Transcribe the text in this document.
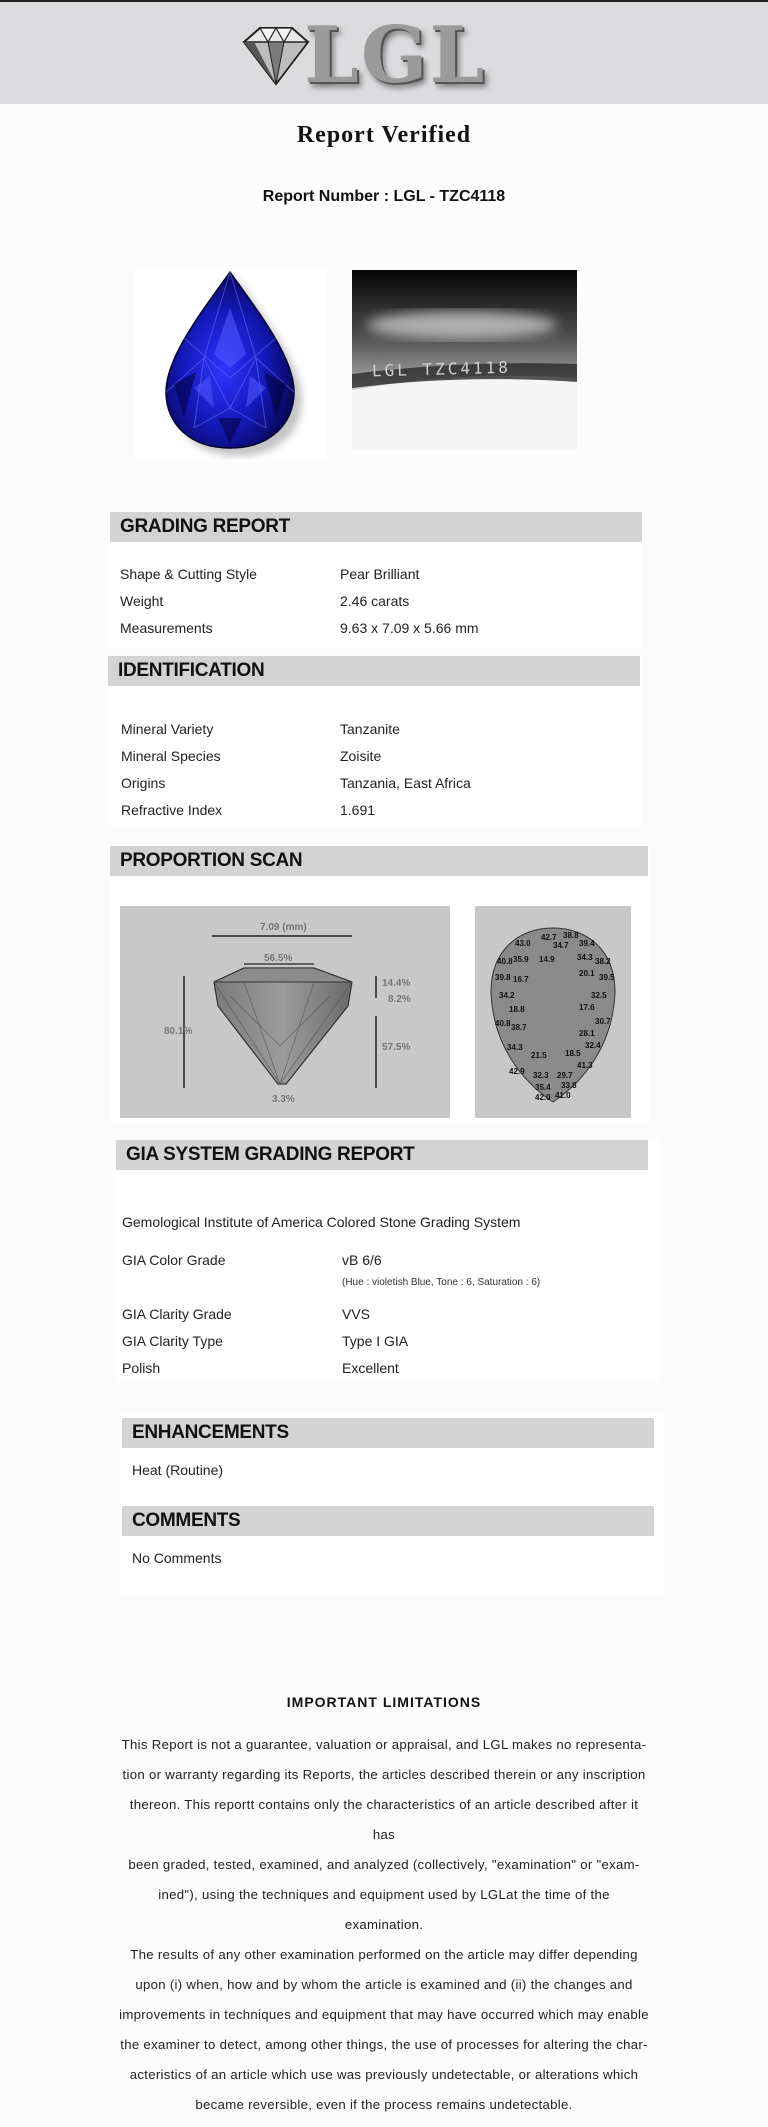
LGL
Report Verified
Report Number : LGL - TZC4118
LGL TZC4118
GRADING REPORT
Shape & Cutting Style	Pear Brilliant
Weight	2.46 carats
Measurements	9.63 x 7.09 x 5.66 mm
IDENTIFICATION
Mineral Variety	Tanzanite
Mineral Species	Zoisite
Origins	Tanzania, East Africa
Refractive Index	1.691
PROPORTION SCAN
7.09 (mm)
56.5%
80.1%
14.4%
8.2%
57.5%
3.3%
42.7 38.8
43.0	34.7 39.4
40.8 35.9 14.9	34.3 38.2
39.8	20.1 39.5
16.7
34.2	32.5
18.8	17.6
40.8	30.7
38.7
28.1
32.4
34.3
21.5 18.5
41.3
42.9 32.3 29.7
35.4 33.8
42.0 41.0
GIA SYSTEM GRADING REPORT
Gemological Institute of America Colored Stone Grading System
GIA Color Grade	vB 6/6
(Hue : violetish Blue, Tone : 6, Saturation : 6)
GIA Clarity Grade	VVS
GIA Clarity Type	Type I GIA
Polish	Excellent
ENHANCEMENTS
Heat (Routine)
COMMENTS
No Comments
IMPORTANT LIMITATIONS
This Report is not a guarantee, valuation or appraisal, and LGL makes no representa-
tion or warranty regarding its Reports, the articles described therein or any inscription
thereon. This reportt contains only the characteristics of an article described after it has
been graded, tested, examined, and analyzed (collectively, "examination" or "exam-
ined"), using the techniques and equipment used by LGLat the time of the examination.
The results of any other examination performed on the article may differ depending
upon (i) when, how and by whom the article is examined and (ii) the changes and
improvements in techniques and equipment that may have occurred which may enable
the examiner to detect, among other things, the use of processes for altering the char-
acteristics of an article which use was previously undetectable, or alterations which
became reversible, even if the process remains undetectable.
